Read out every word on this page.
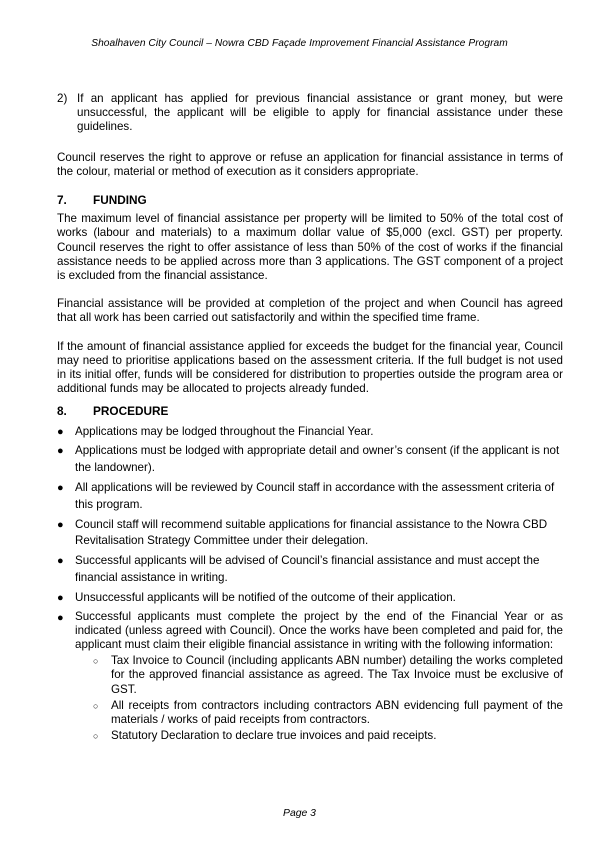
Shoalhaven City Council – Nowra CBD Façade Improvement Financial Assistance Program
2) If an applicant has applied for previous financial assistance or grant money, but were unsuccessful, the applicant will be eligible to apply for financial assistance under these guidelines.

Council reserves the right to approve or refuse an application for financial assistance in terms of the colour, material or method of execution as it considers appropriate.

7.	FUNDING

The maximum level of financial assistance per property will be limited to 50% of the total cost of works (labour and materials) to a maximum dollar value of $5,000 (excl. GST) per property. Council reserves the right to offer assistance of less than 50% of the cost of works if the financial assistance needs to be applied across more than 3 applications. The GST component of a project is excluded from the financial assistance.

Financial assistance will be provided at completion of the project and when Council has agreed that all work has been carried out satisfactorily and within the specified time frame.

If the amount of financial assistance applied for exceeds the budget for the financial year, Council may need to prioritise applications based on the assessment criteria. If the full budget is not used in its initial offer, funds will be considered for distribution to properties outside the program area or additional funds may be allocated to projects already funded.

8.	PROCEDURE
● Applications may be lodged throughout the Financial Year.
● Applications must be lodged with appropriate detail and owner’s consent (if the applicant is not the landowner).
● All applications will be reviewed by Council staff in accordance with the assessment criteria of this program.
● Council staff will recommend suitable applications for financial assistance to the Nowra CBD Revitalisation Strategy Committee under their delegation.
● Successful applicants will be advised of Council’s financial assistance and must accept the financial assistance in writing.
● Unsuccessful applicants will be notified of the outcome of their application.
● Successful applicants must complete the project by the end of the Financial Year or as indicated (unless agreed with Council). Once the works have been completed and paid for, the applicant must claim their eligible financial assistance in writing with the following information:
○	Tax Invoice to Council (including applicants ABN number) detailing the works completed for the approved financial assistance as agreed. The Tax Invoice must be exclusive of GST.
○	All receipts from contractors including contractors ABN evidencing full payment of the materials / works of paid receipts from contractors.
○	Statutory Declaration to declare true invoices and paid receipts.
Page 3
